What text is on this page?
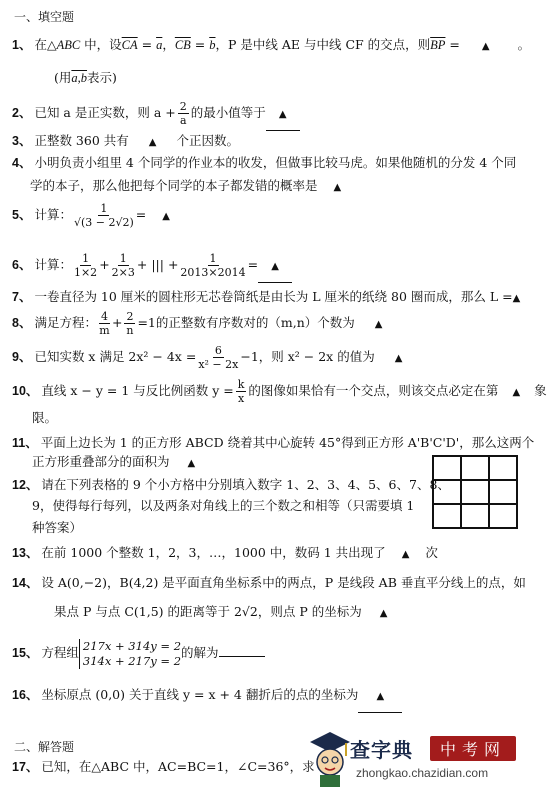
一、填空题
1、 在△ABC 中，设$\overline{CA} = \overline{a}$，$\overline{CB} = \overline{b}$，P 是中线 AE 与中线 CF 的交点，则$\overline{BP}$ = ▲ 。
(用a,b表示)
2、 已知 a 是正实数，则 $a + \frac{2}{a}$ 的最小值等于 ▲
3、 正整数 360 共有 ▲ 个正因数。
4、 小明负责小组里 4 个同学的作业本的收发，但做事比较马虎。如果他随机的分发 4 个同
学的本子，那么他把每个同学的本子都发错的概率是 ▲
5、 计算： $\frac{1}{√(3 - 2√2)}$ = ▲
6、 计算： $\frac{1}{1\times 2} + \frac{1}{2\times 3}$ + ||| + $\frac{1}{2013\times 2014}$ = ▲
7、 一卷直径为 10 厘米的圆柱形无芯卷筒纸是由长为 L 厘米的纸绕 80 圈而成，那么 L =▲
8、 满足方程： $\frac{4}{m} + \frac{2}{n} =1$的正整数有序数对的（m,n）个数为 ▲
9、 已知实数 x 满足 $2x^2 - 4x = \frac{6}{\text{x² − 2x}} -1$，则 x² − 2x 的值为 ▲
10、 直线 x − y = 1 与反比例函数 $y = \frac{k}{x}$ 的图像如果恰有一个交点，则该交点必定在第 ▲ 象
限。
11、 平面上边长为 1 的正方形 ABCD 绕着其中心旋转 45°得到正方形 A'B'C'D'，那么这两个
正方形重叠部分的面积为 ▲
12、 请在下列表格的 9 个小方格中分别填入数字 1、2、3、4、5、6、7、8、
9，使得每行每列，以及两条对角线上的三个数之和相等（只需要填 1
种答案）
13、 在前 1000 个整数 1，2，3，…，1000 中，数码 1 共出现了 ▲ 次
14、 设 A(0,−2)，B(4,2) 是平面直角坐标系中的两点，P 是线段 AB 垂直平分线上的点，如
果点 P 与点 C(1,5) 的距离等于 2√2，则点 P 的坐标为 ▲
15、 方程组 217x + 314y = 2
314x + 217y = 2
的解为
16、 坐标原点 (0,0) 关于直线 y = x + 4 翻折后的点的坐标为 ▲
二、解答题
17、 已知，在△ABC 中，AC=BC=1，∠C=36°，求
查字典	中考网
zhongkao.chazidian.com
